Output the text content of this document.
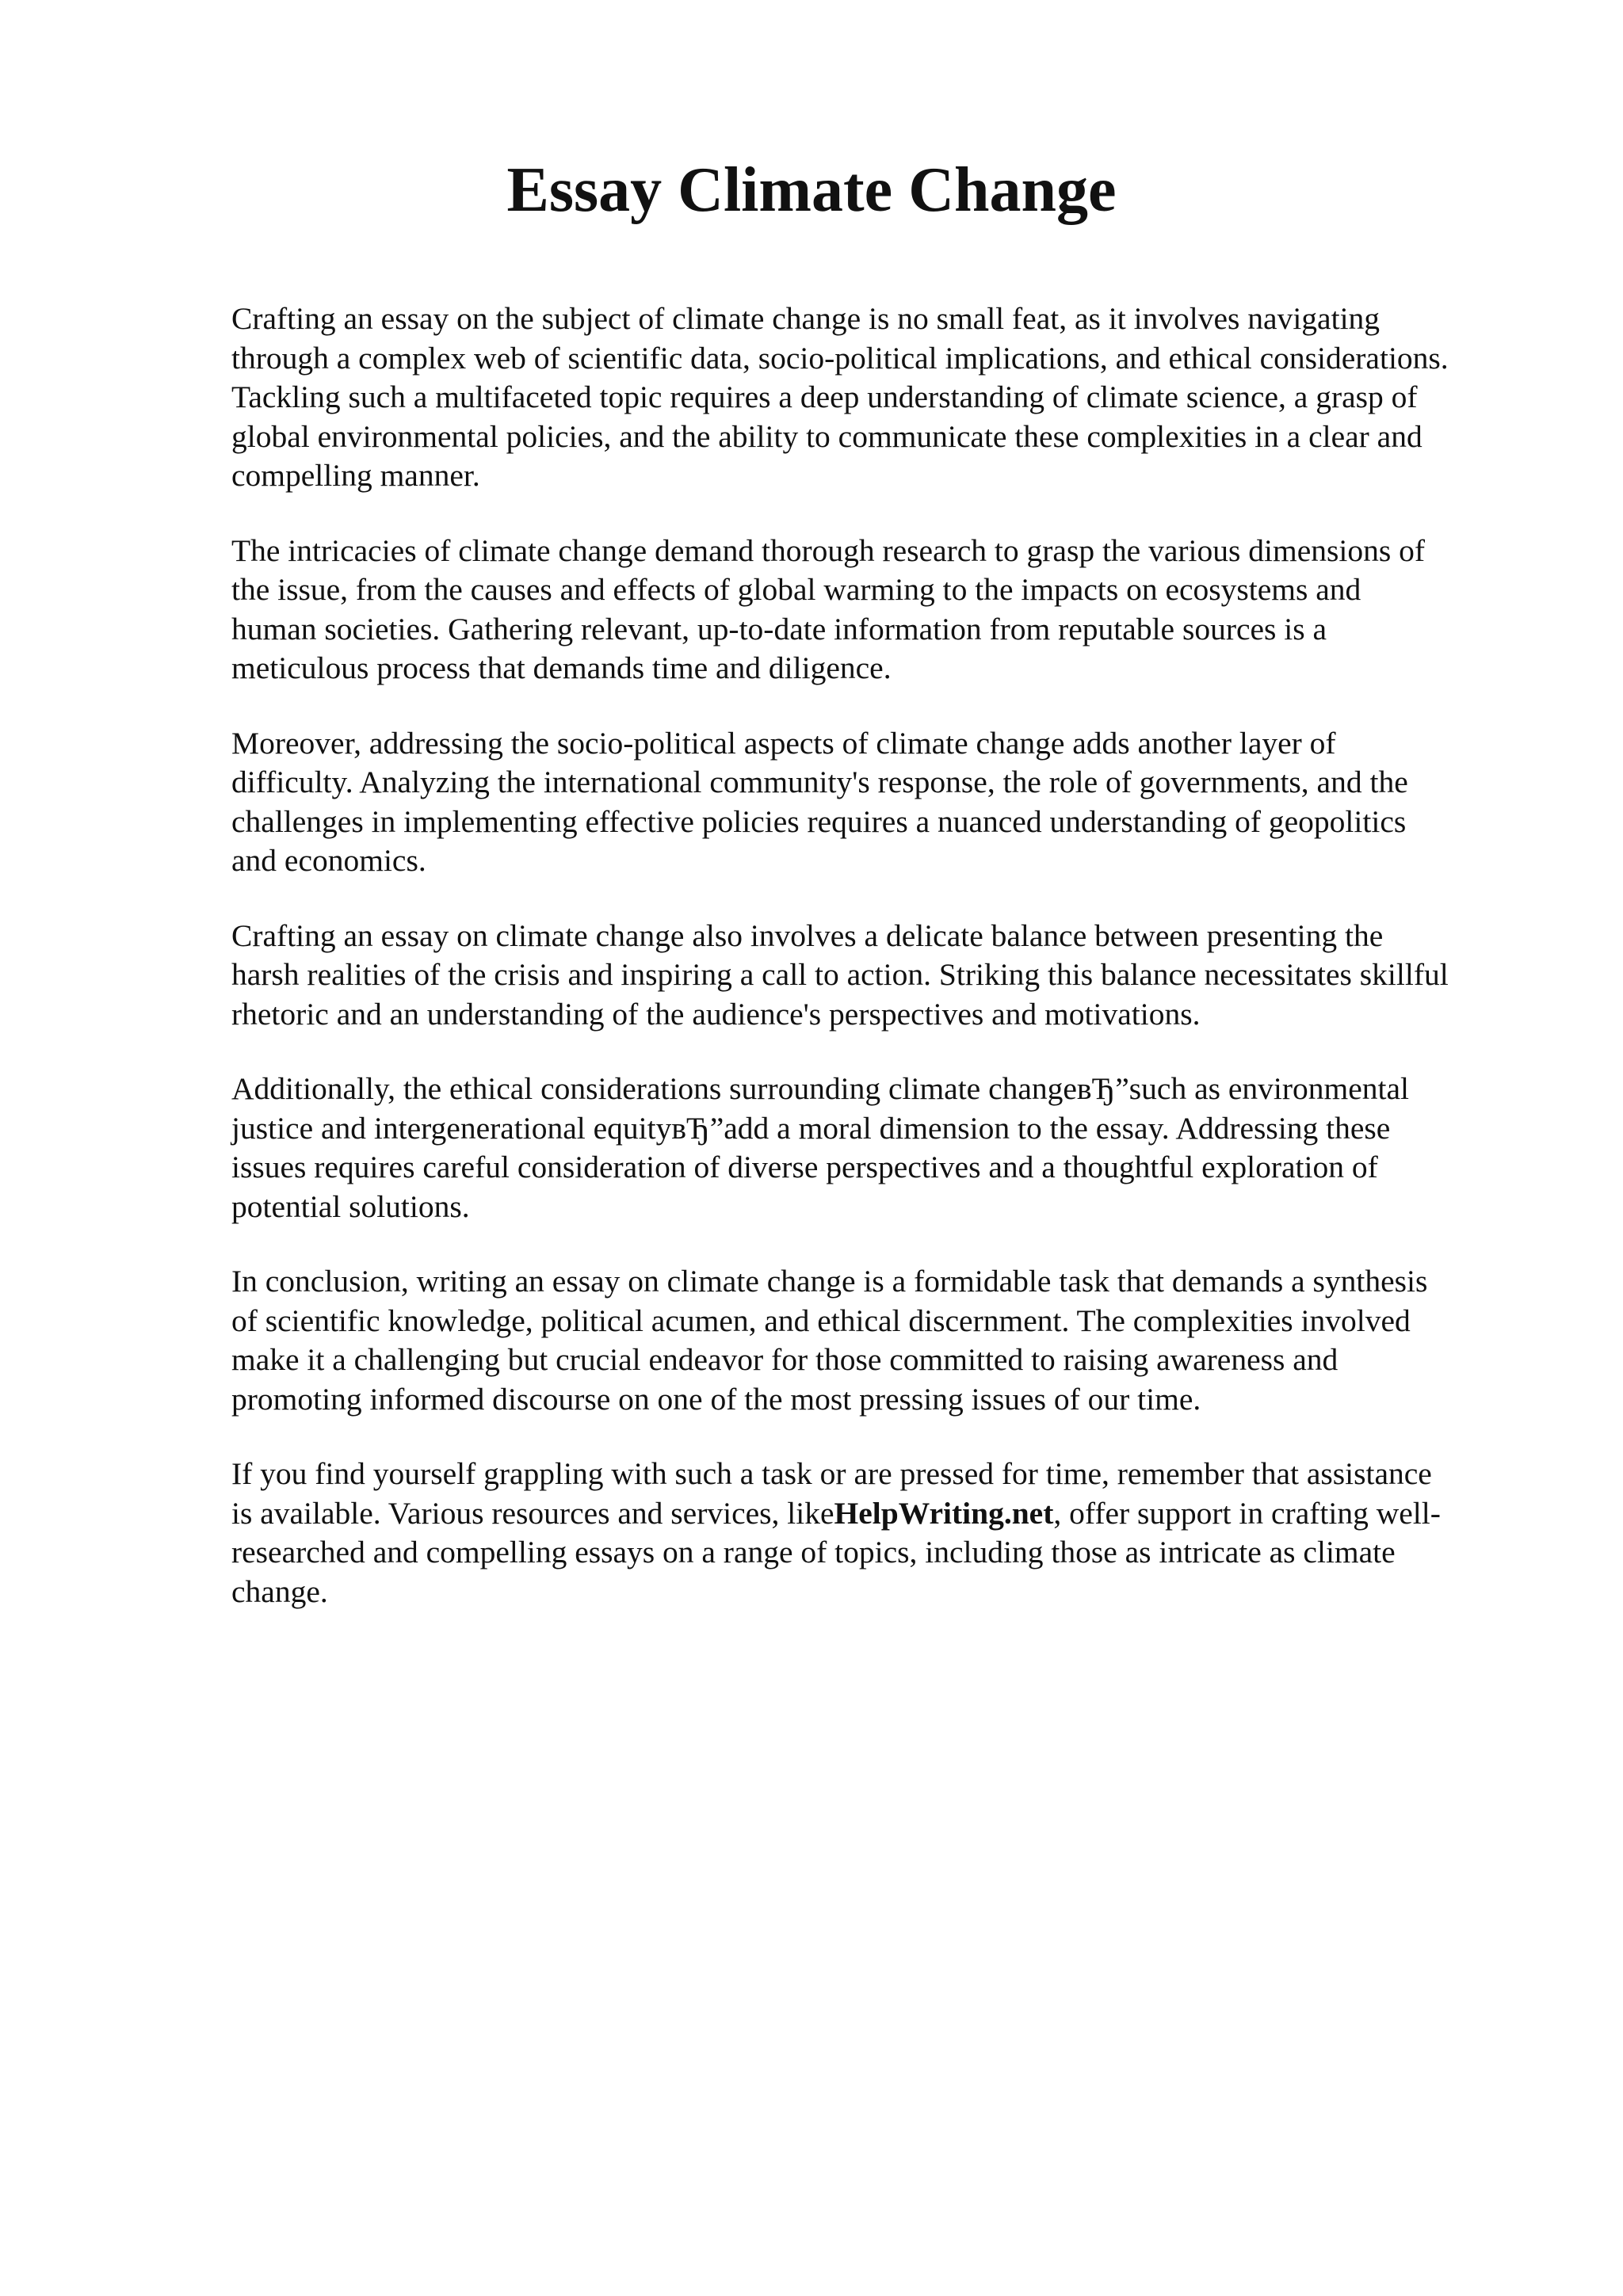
Essay Climate Change

Crafting an essay on the subject of climate change is no small feat, as it involves navigating
through a complex web of scientific data, socio-political implications, and ethical considerations.
Tackling such a multifaceted topic requires a deep understanding of climate science, a grasp of
global environmental policies, and the ability to communicate these complexities in a clear and
compelling manner.

The intricacies of climate change demand thorough research to grasp the various dimensions of
the issue, from the causes and effects of global warming to the impacts on ecosystems and
human societies. Gathering relevant, up-to-date information from reputable sources is a
meticulous process that demands time and diligence.

Moreover, addressing the socio-political aspects of climate change adds another layer of
difficulty. Analyzing the international community's response, the role of governments, and the
challenges in implementing effective policies requires a nuanced understanding of geopolitics
and economics.

Crafting an essay on climate change also involves a delicate balance between presenting the
harsh realities of the crisis and inspiring a call to action. Striking this balance necessitates skillful
rhetoric and an understanding of the audience's perspectives and motivations.

Additionally, the ethical considerations surrounding climate changeвЂ”such as environmental
justice and intergenerational equityвЂ”add a moral dimension to the essay. Addressing these
issues requires careful consideration of diverse perspectives and a thoughtful exploration of
potential solutions.

In conclusion, writing an essay on climate change is a formidable task that demands a synthesis
of scientific knowledge, political acumen, and ethical discernment. The complexities involved
make it a challenging but crucial endeavor for those committed to raising awareness and
promoting informed discourse on one of the most pressing issues of our time.

If you find yourself grappling with such a task or are pressed for time, remember that assistance
is available. Various resources and services, likeHelpWriting.net, offer support in crafting well-
researched and compelling essays on a range of topics, including those as intricate as climate
change.
